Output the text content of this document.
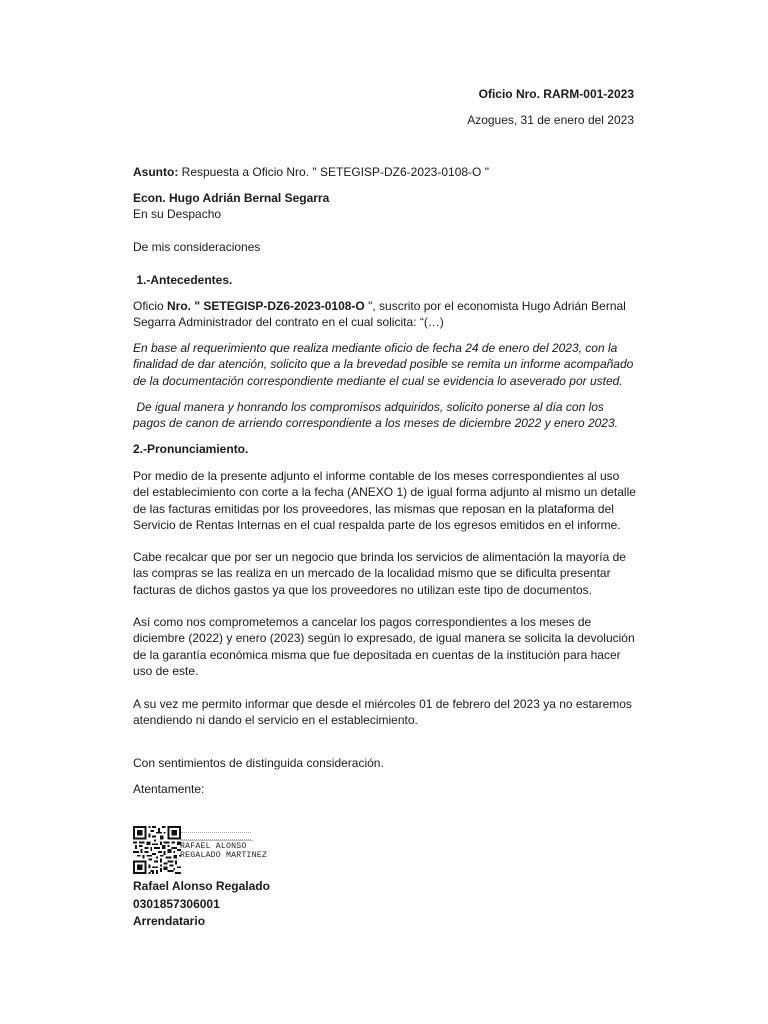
Oficio Nro. RARM-001-2023
Azogues, 31 de enero del 2023
Asunto: Respuesta a Oficio Nro. " SETEGISP-DZ6-2023-0108-O "
Econ. Hugo Adrián Bernal Segarra
En su Despacho
De mis consideraciones
1.-Antecedentes.

Oficio Nro. " SETEGISP-DZ6-2023-0108-O ", suscrito por el economista Hugo Adrián Bernal Segarra Administrador del contrato en el cual solicita: “(…)

En base al requerimiento que realiza mediante oficio de fecha 24 de enero del 2023, con la finalidad de dar atención, solicito que a la brevedad posible se remita un informe acompañado de la documentación correspondiente mediante el cual se evidencia lo aseverado por usted.

De igual manera y honrando los compromisos adquiridos, solicito ponerse al día con los pagos de canon de arriendo correspondiente a los meses de diciembre 2022 y enero 2023.

2.-Pronunciamiento.

Por medio de la presente adjunto el informe contable de los meses correspondientes al uso del establecimiento con corte a la fecha (ANEXO 1) de igual forma adjunto al mismo un detalle de las facturas emitidas por los proveedores, las mismas que reposan en la plataforma del Servicio de Rentas Internas en el cual respalda parte de los egresos emitidos en el informe.

Cabe recalcar que por ser un negocio que brinda los servicios de alimentación la mayoría de las compras se las realiza en un mercado de la localidad mismo que se dificulta presentar facturas de dichos gastos ya que los proveedores no utilizan este tipo de documentos.

Así como nos comprometemos a cancelar los pagos correspondientes a los meses de diciembre (2022) y enero (2023) según lo expresado, de igual manera se solicita la devolución de la garantía económica misma que fue depositada en cuentas de la institución para hacer uso de este.

A su vez me permito informar que desde el miércoles 01 de febrero del 2023 ya no estaremos atendiendo ni dando el servicio en el establecimiento.

Con sentimientos de distinguida consideración.
Atentamente:
RAFAEL ALONSO
REGALADO MARTINEZ
Rafael Alonso Regalado
0301857306001
Arrendatario
